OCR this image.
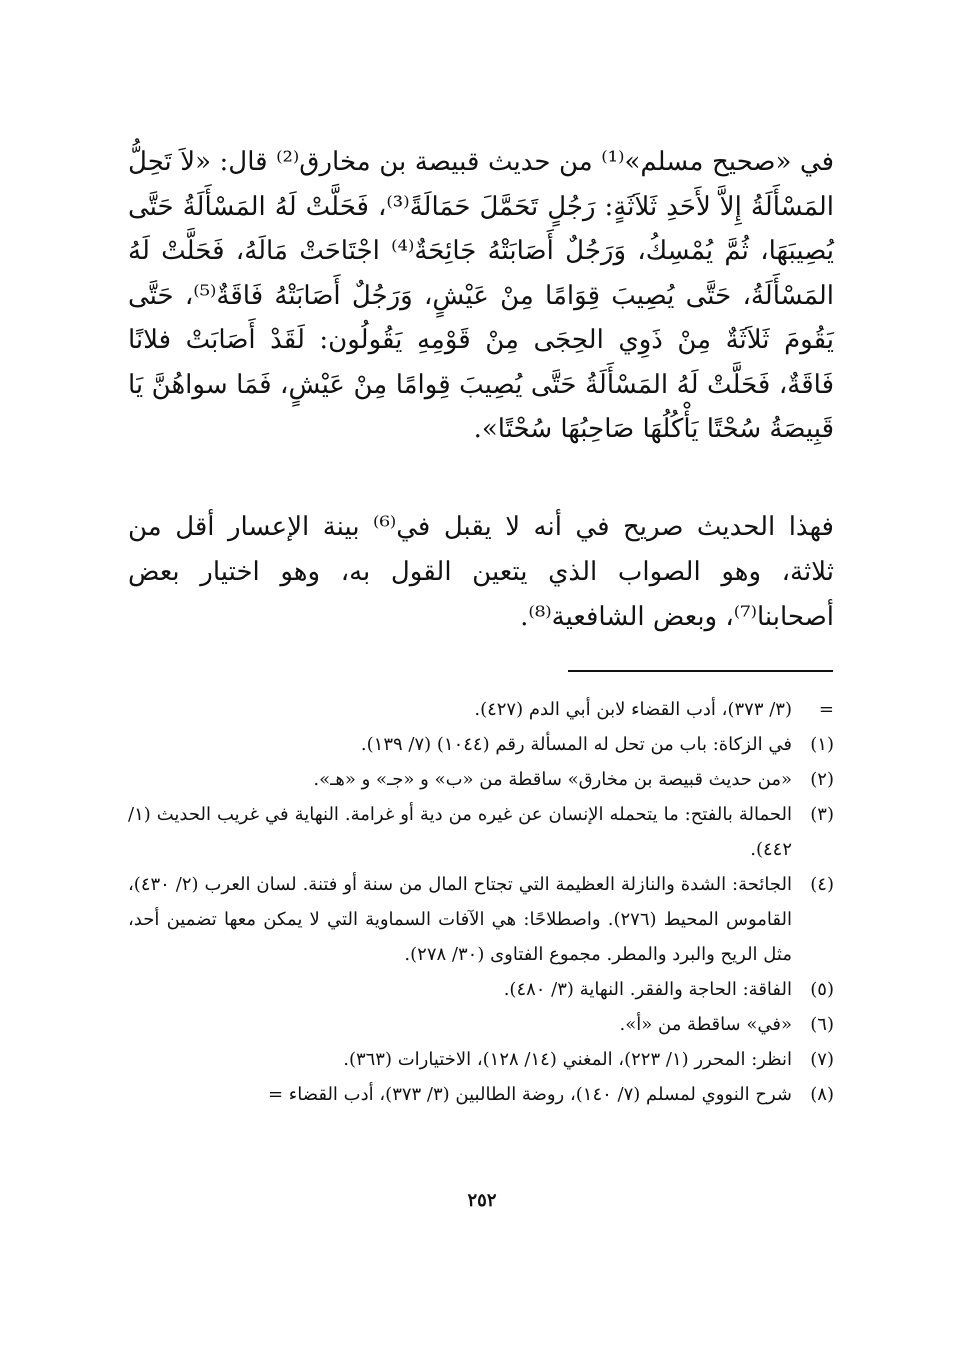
في «صحيح مسلم»⁽¹⁾ من حديث قبيصة بن مخارق⁽²⁾ قال: «لاَ تَحِلُّ المَسْأَلَةُ إِلاَّ لأَحَدِ ثَلاَثَةٍ: رَجُلٍ تَحَمَّلَ حَمَالَةً⁽³⁾، فَحَلَّتْ لَهُ المَسْأَلَةُ حَتَّى يُصِيبَهَا، ثُمَّ يُمْسِكُ، وَرَجُلٌ أَصَابَتْهُ جَائِحَةٌ⁽⁴⁾ اجْتَاحَتْ مَالَهُ، فَحَلَّتْ لَهُ المَسْأَلَةُ، حَتَّى يُصِيبَ قِوَامًا مِنْ عَيْشٍ، وَرَجُلٌ أَصَابَتْهُ فَاقَةٌ⁽⁵⁾، حَتَّى يَقُومَ ثَلاَثَةٌ مِنْ ذَوِي الحِجَى مِنْ قَوْمِهِ يَقُولُون: لَقَدْ أَصَابَتْ فلانًا فَاقَةٌ، فَحَلَّتْ لَهُ المَسْأَلَةُ حَتَّى يُصِيبَ قِوامًا مِنْ عَيْشٍ، فَمَا سواهُنَّ يَا قَبِيصَةُ سُحْتًا يَأْكُلُهَا صَاحِبُهَا سُحْتًا».

فهذا الحديث صريح في أنه لا يقبل في⁽⁶⁾ بينة الإعسار أقل من ثلاثة، وهو الصواب الذي يتعين القول به، وهو اختيار بعض أصحابنا⁽⁷⁾، وبعض الشافعية⁽⁸⁾.

=
(٣/ ٣٧٣)، أدب القضاء لابن أبي الدم (٤٢٧).
(١)
في الزكاة: باب من تحل له المسألة رقم (١٠٤٤) (٧/ ١٣٩).
(٢)
«من حديث قبيصة بن مخارق» ساقطة من «ب» و «جـ» و «هـ».
(٣)
الحمالة بالفتح: ما يتحمله الإنسان عن غيره من دية أو غرامة. النهاية في غريب الحديث (١/ ٤٤٢).
(٤)
الجائحة: الشدة والنازلة العظيمة التي تجتاح المال من سنة أو فتنة. لسان العرب (٢/ ٤٣٠)، القاموس المحيط (٢٧٦). واصطلاحًا: هي الآفات السماوية التي لا يمكن معها تضمين أحد، مثل الريح والبرد والمطر. مجموع الفتاوى (٣٠/ ٢٧٨).
(٥)
الفاقة: الحاجة والفقر. النهاية (٣/ ٤٨٠).
(٦)
«في» ساقطة من «أ».
(٧)
انظر: المحرر (١/ ٢٢٣)، المغني (١٤/ ١٢٨)، الاختيارات (٣٦٣).
(٨)
شرح النووي لمسلم (٧/ ١٤٠)، روضة الطالبين (٣/ ٣٧٣)، أدب القضاء =
٢٥٢
